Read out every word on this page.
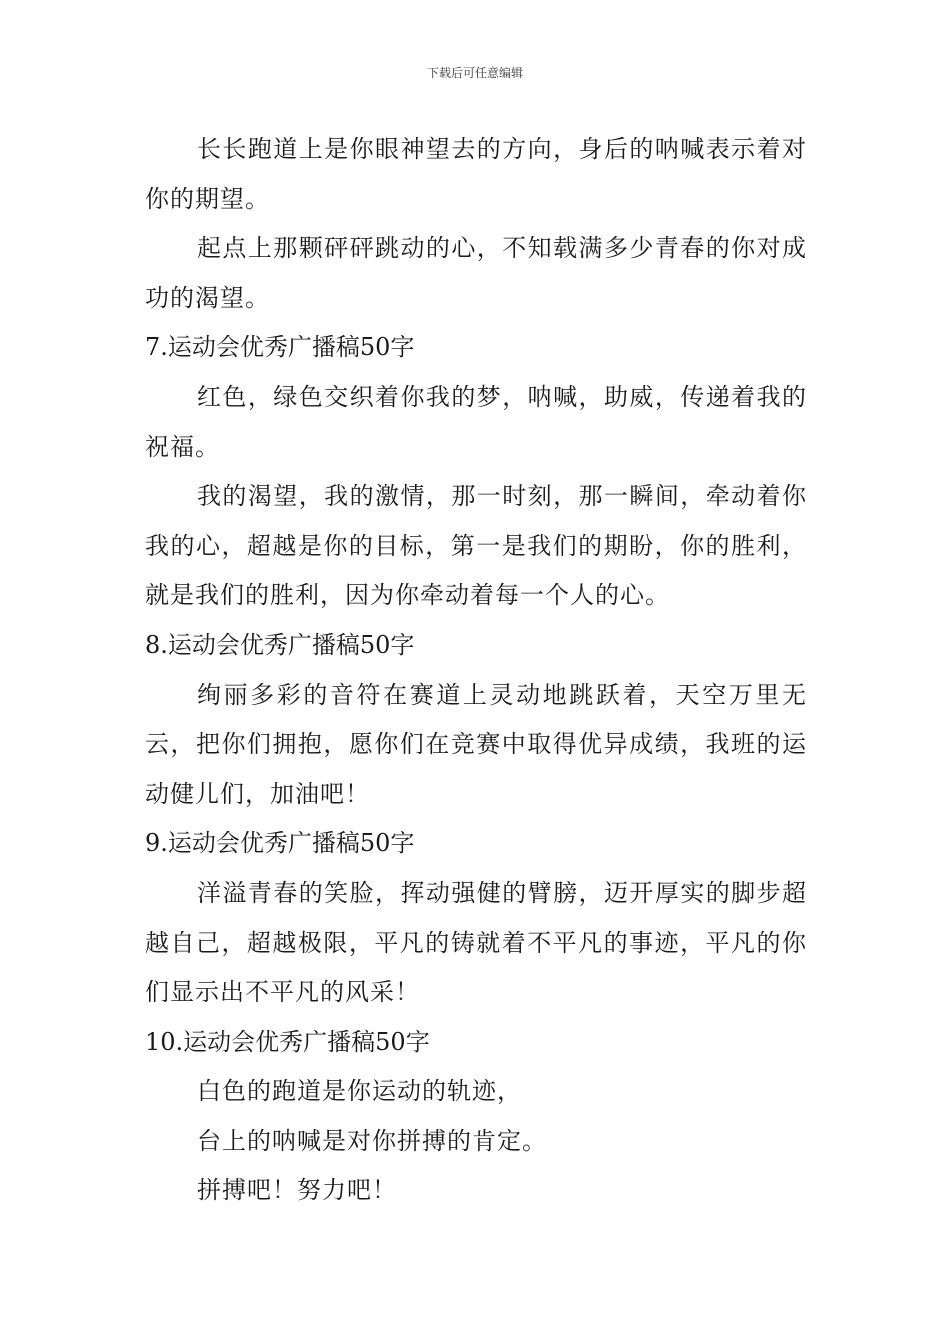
下载后可任意编辑

长长跑道上是你眼神望去的方向，身后的呐喊表示着对你的期望。

起点上那颗砰砰跳动的心，不知载满多少青春的你对成功的渴望。

7.运动会优秀广播稿50字

红色，绿色交织着你我的梦，呐喊，助威，传递着我的祝福。

我的渴望，我的激情，那一时刻，那一瞬间，牵动着你我的心，超越是你的目标，第一是我们的期盼，你的胜利，就是我们的胜利，因为你牵动着每一个人的心。

8.运动会优秀广播稿50字

绚丽多彩的音符在赛道上灵动地跳跃着，天空万里无云，把你们拥抱，愿你们在竞赛中取得优异成绩，我班的运动健儿们，加油吧！

9.运动会优秀广播稿50字

洋溢青春的笑脸，挥动强健的臂膀，迈开厚实的脚步超越自己，超越极限，平凡的铸就着不平凡的事迹，平凡的你们显示出不平凡的风采！

10.运动会优秀广播稿50字

白色的跑道是你运动的轨迹，

台上的呐喊是对你拼搏的肯定。

拼搏吧！努力吧！
